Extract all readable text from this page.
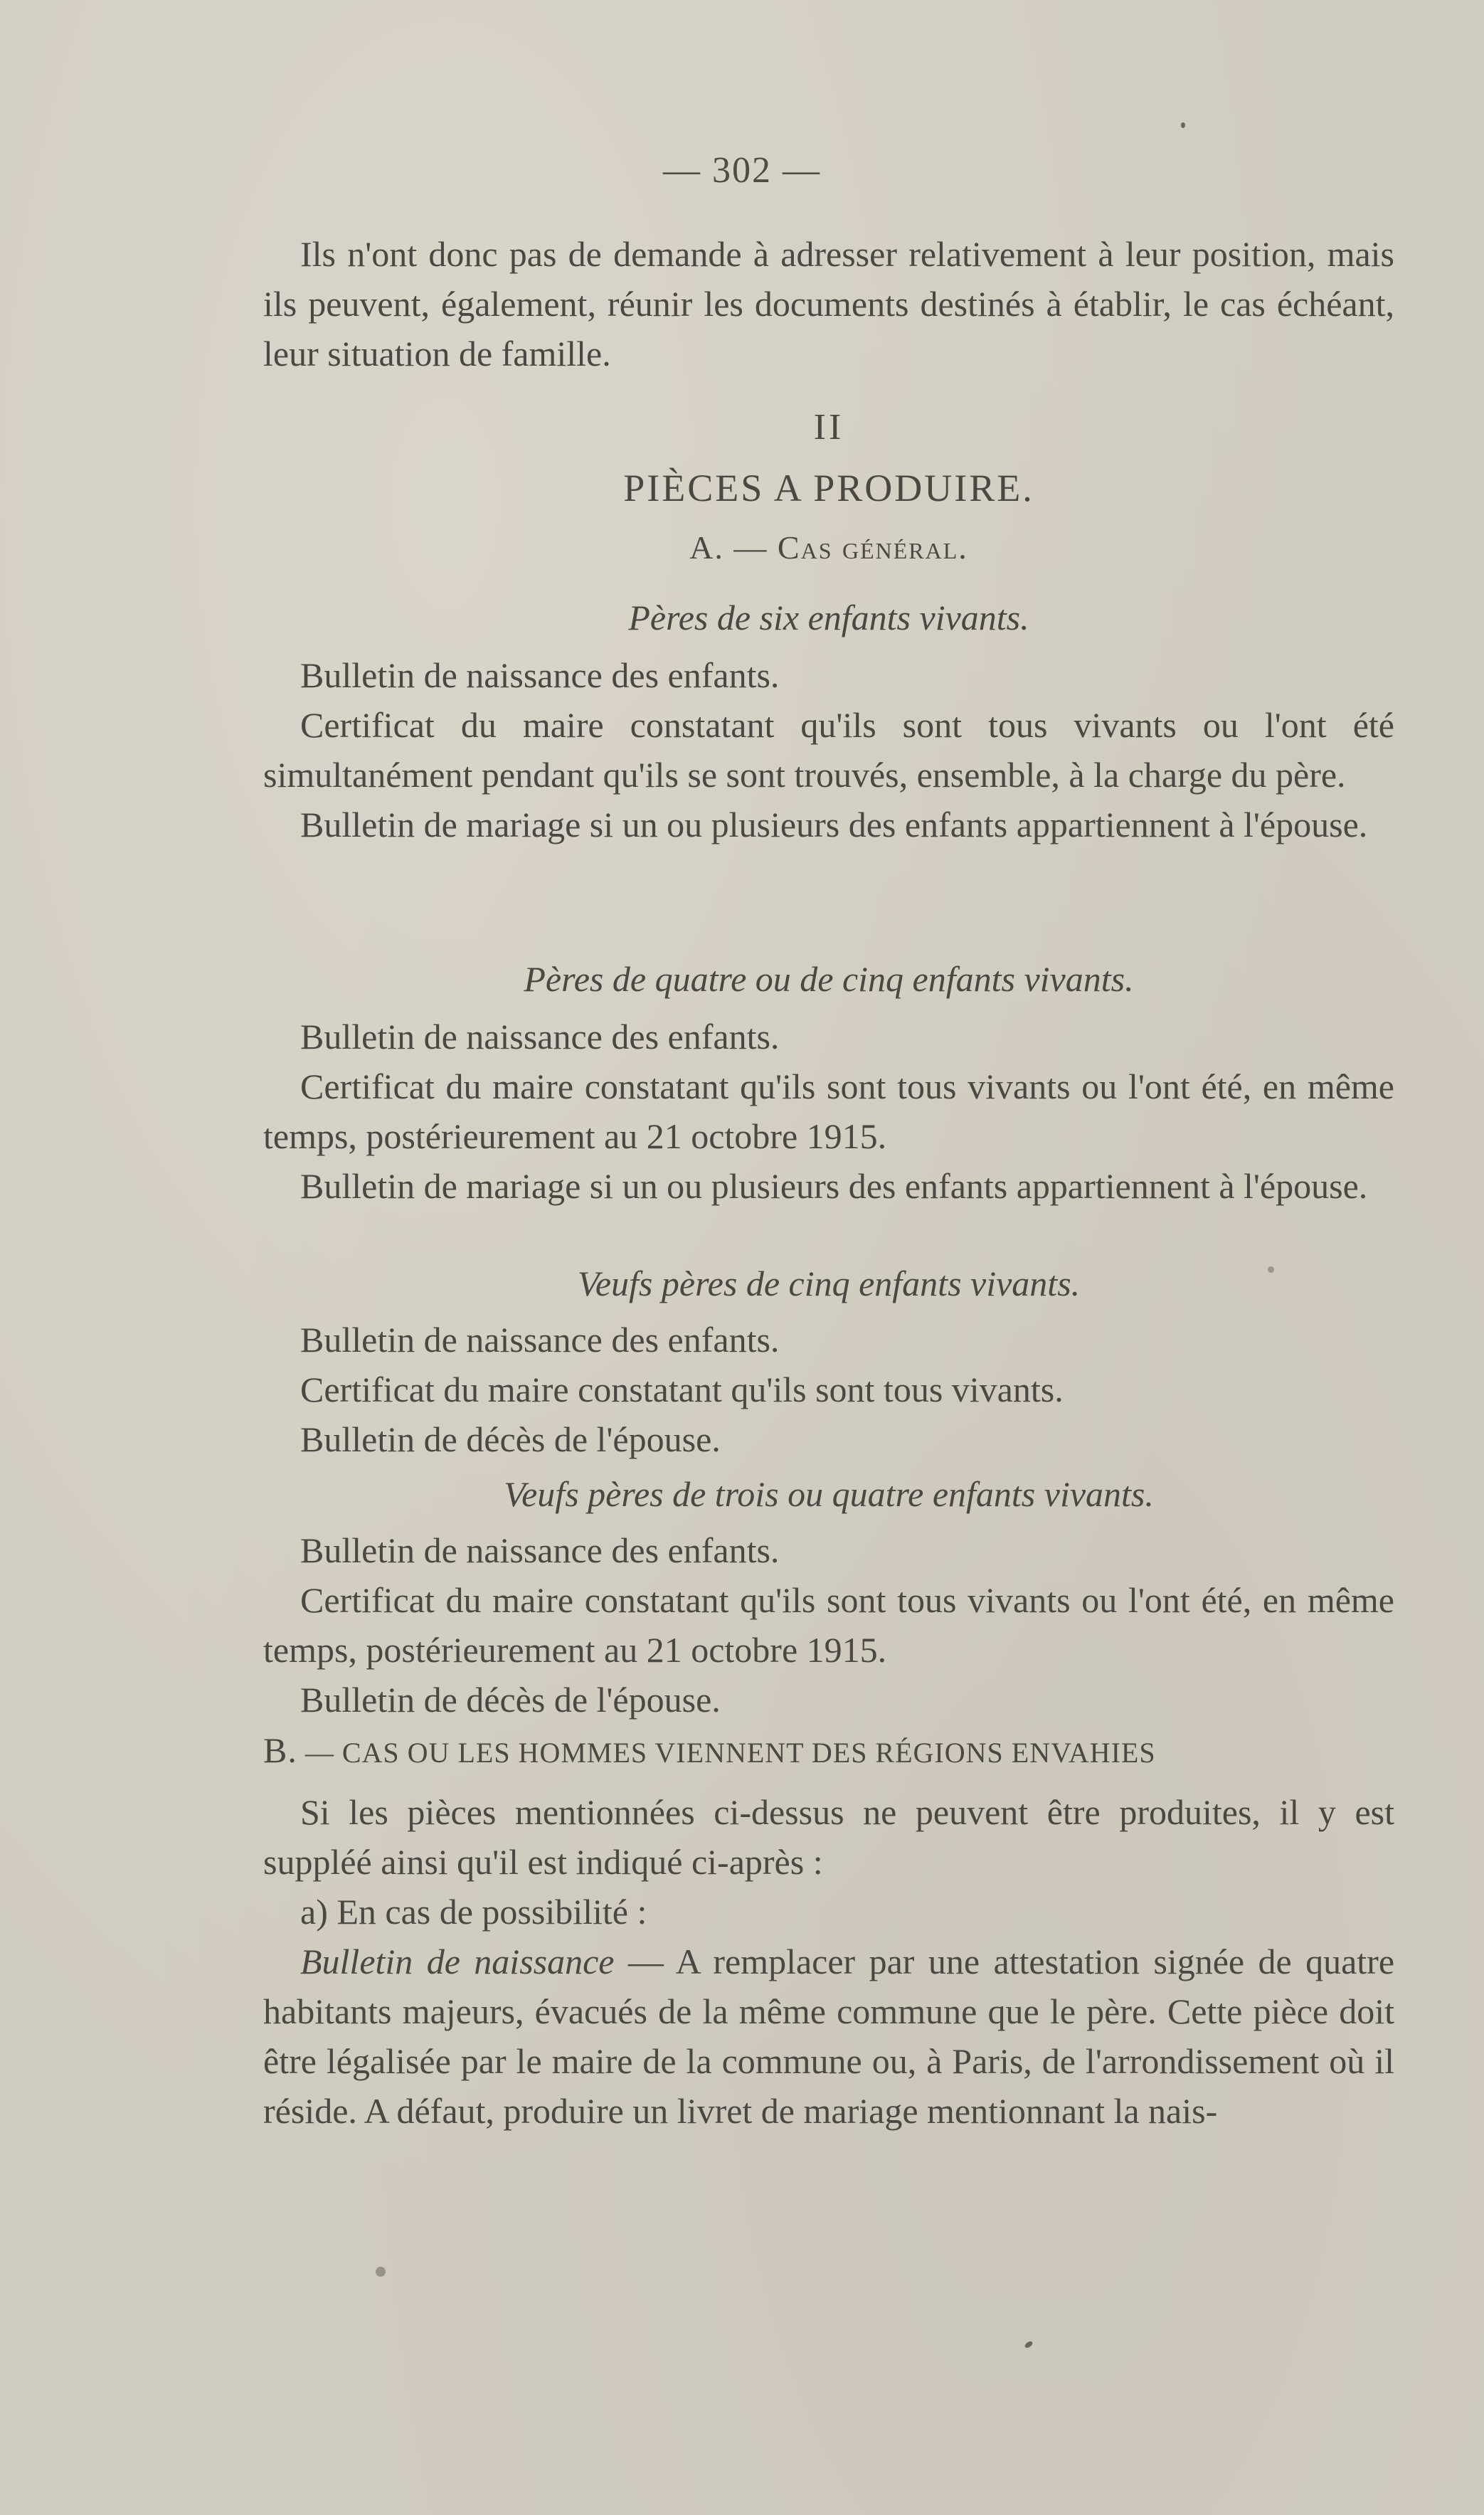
— 302 —

Ils n'ont donc pas de demande à adresser relativement à leur position, mais ils peuvent, également, réunir les documents destinés à établir, le cas échéant, leur situation de famille.

II

PIÈCES A PRODUIRE.

A. — Cas général.

Pères de six enfants vivants.

Bulletin de naissance des enfants.

Certificat du maire constatant qu'ils sont tous vivants ou l'ont été simultanément pendant qu'ils se sont trouvés, ensemble, à la charge du père.

Bulletin de mariage si un ou plusieurs des enfants appartiennent à l'épouse.

Pères de quatre ou de cinq enfants vivants.

Bulletin de naissance des enfants.

Certificat du maire constatant qu'ils sont tous vivants ou l'ont été, en même temps, postérieurement au 21 octobre 1915.

Bulletin de mariage si un ou plusieurs des enfants appartiennent à l'épouse.

Veufs pères de cinq enfants vivants.

Bulletin de naissance des enfants.

Certificat du maire constatant qu'ils sont tous vivants.

Bulletin de décès de l'épouse.

Veufs pères de trois ou quatre enfants vivants.

Bulletin de naissance des enfants.

Certificat du maire constatant qu'ils sont tous vivants ou l'ont été, en même temps, postérieurement au 21 octobre 1915.

Bulletin de décès de l'épouse.

B. — CAS OU LES HOMMES VIENNENT DES RÉGIONS ENVAHIES

Si les pièces mentionnées ci-dessus ne peuvent être produites, il y est suppléé ainsi qu'il est indiqué ci-après :

a) En cas de possibilité :

Bulletin de naissance — A remplacer par une attestation signée de quatre habitants majeurs, évacués de la même commune que le père. Cette pièce doit être légalisée par le maire de la commune ou, à Paris, de l'arrondissement où il réside. A défaut, produire un livret de mariage mentionnant la nais-
